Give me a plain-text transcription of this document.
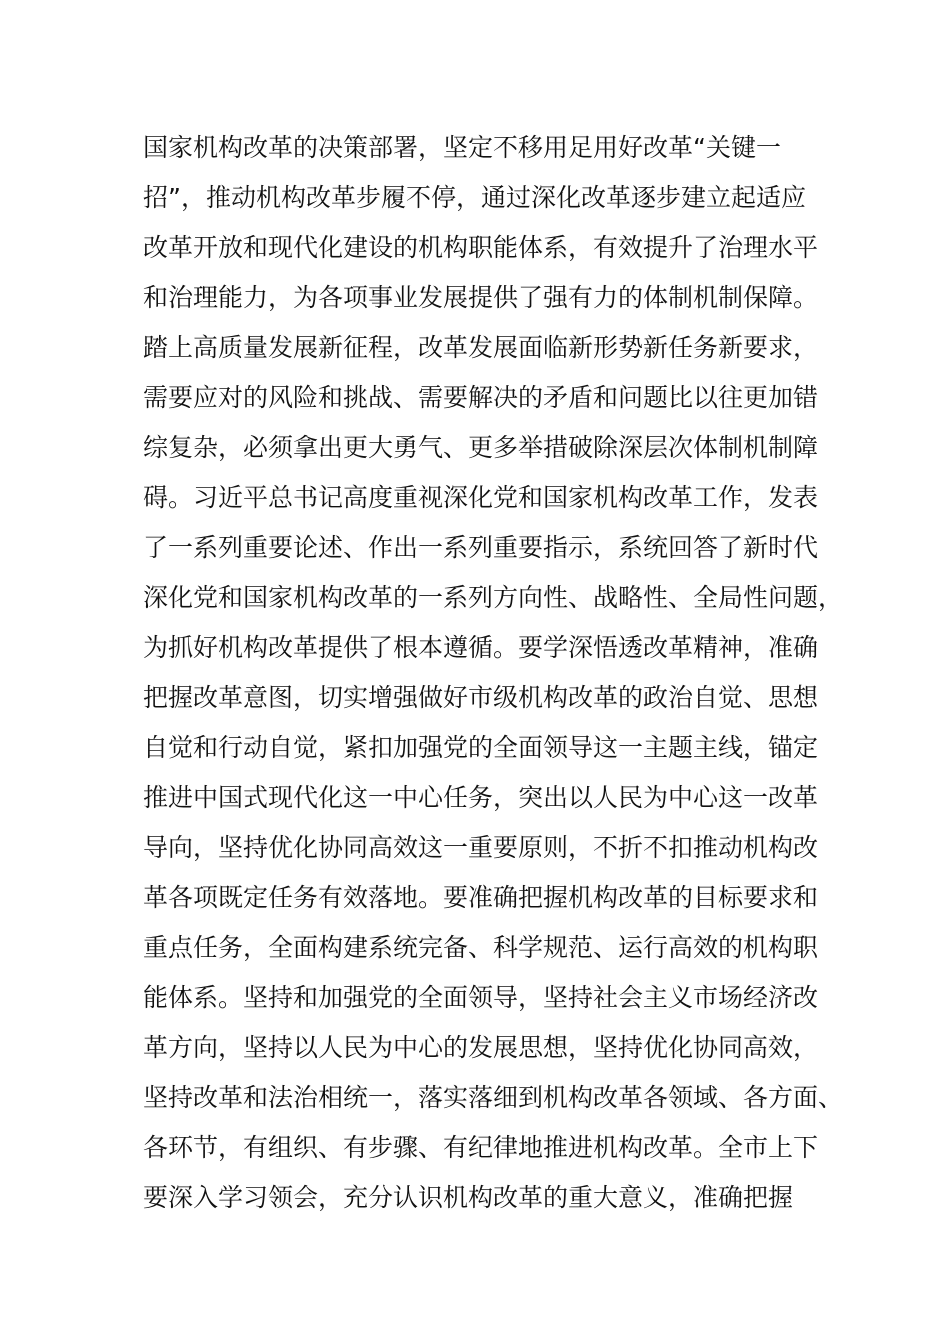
国家机构改革的决策部署，坚定不移用足用好改革“关键一
招”，推动机构改革步履不停，通过深化改革逐步建立起适应
改革开放和现代化建设的机构职能体系，有效提升了治理水平
和治理能力，为各项事业发展提供了强有力的体制机制保障。
踏上高质量发展新征程，改革发展面临新形势新任务新要求，
需要应对的风险和挑战、需要解决的矛盾和问题比以往更加错
综复杂，必须拿出更大勇气、更多举措破除深层次体制机制障
碍。习近平总书记高度重视深化党和国家机构改革工作，发表
了一系列重要论述、作出一系列重要指示，系统回答了新时代
深化党和国家机构改革的一系列方向性、战略性、全局性问题，
为抓好机构改革提供了根本遵循。要学深悟透改革精神，准确
把握改革意图，切实增强做好市级机构改革的政治自觉、思想
自觉和行动自觉，紧扣加强党的全面领导这一主题主线，锚定
推进中国式现代化这一中心任务，突出以人民为中心这一改革
导向，坚持优化协同高效这一重要原则，不折不扣推动机构改
革各项既定任务有效落地。要准确把握机构改革的目标要求和
重点任务，全面构建系统完备、科学规范、运行高效的机构职
能体系。坚持和加强党的全面领导，坚持社会主义市场经济改
革方向，坚持以人民为中心的发展思想，坚持优化协同高效，
坚持改革和法治相统一，落实落细到机构改革各领域、各方面、
各环节，有组织、有步骤、有纪律地推进机构改革。全市上下
要深入学习领会，充分认识机构改革的重大意义，准确把握
